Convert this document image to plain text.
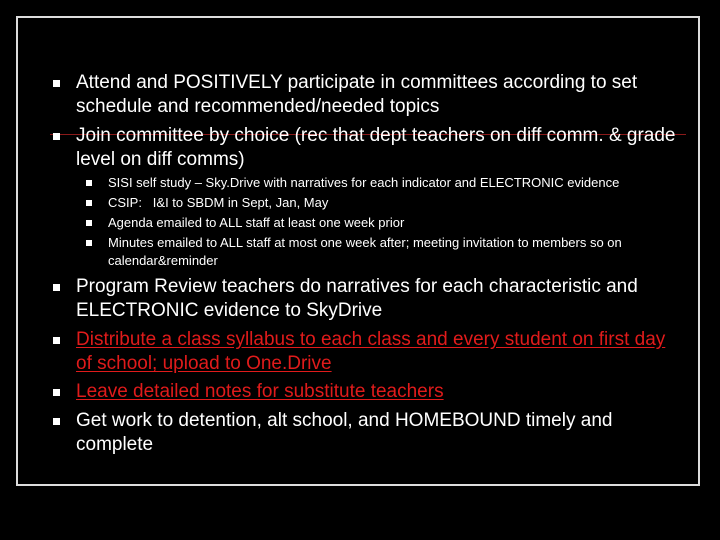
Attend and POSITIVELY participate in committees according to set schedule and recommended/needed topics
Join committee by choice (rec that dept teachers on diff comm. & grade level on diff comms)
SISI self study – Sky.Drive with narratives for each indicator and ELECTRONIC evidence
CSIP:   I&I to SBDM in Sept, Jan, May
Agenda emailed to ALL staff at least one week prior
Minutes emailed to ALL staff at most one week after; meeting invitation to members so on calendar&reminder
Program Review teachers do narratives for each characteristic and ELECTRONIC evidence to SkyDrive
Distribute a class syllabus to each class and every student on first day of school; upload to One.Drive
Leave detailed notes for substitute teachers
Get work to detention, alt school, and HOMEBOUND timely and complete
